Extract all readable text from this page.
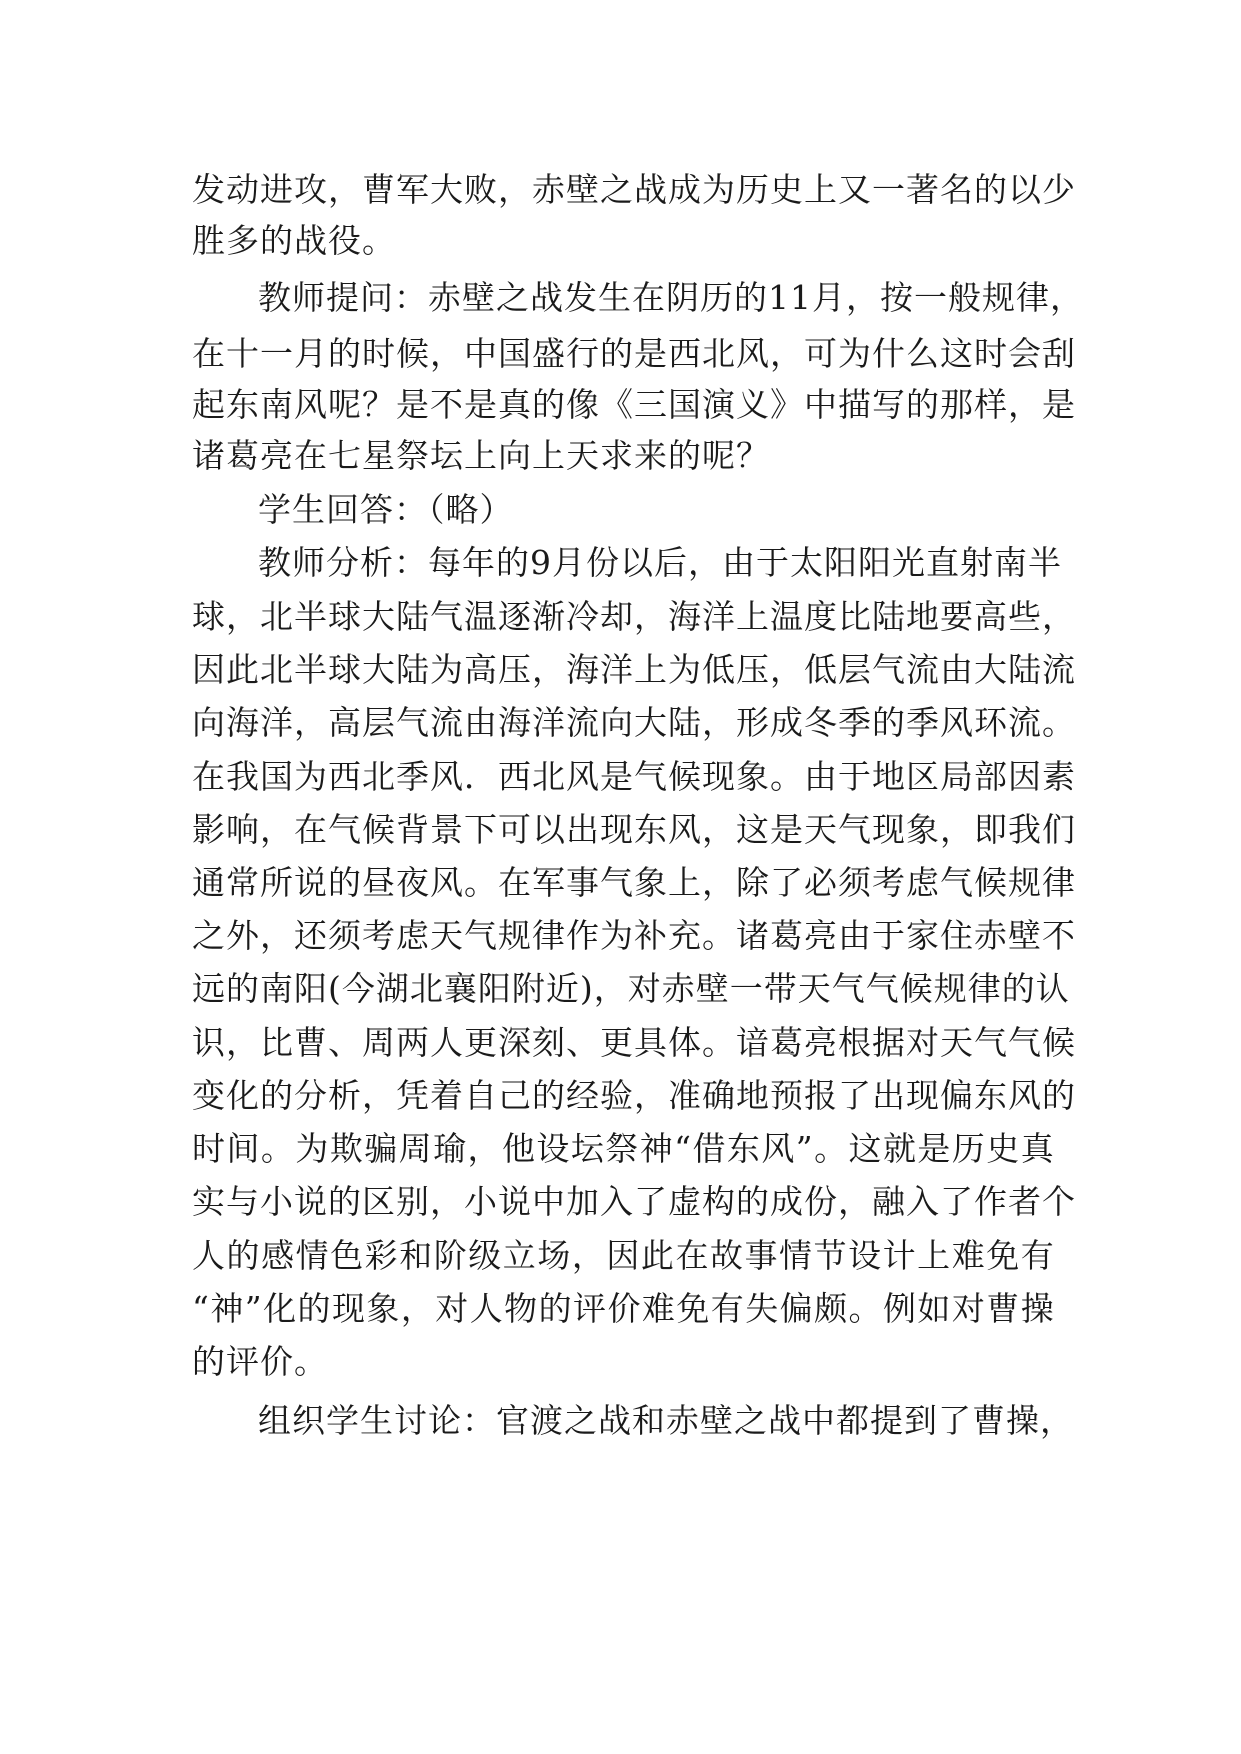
发 动 进 攻 ， 曹 军 大 败 ， 赤 壁 之 战 成 为 历 史 上 又 一 著 名 的 以 少
胜多的战役。
教 师 提 问 ： 赤 壁 之 战 发 生 在 阴 历 的 11 月 ， 按 一 般 规 律 ，
在 十 一 月 的 时 候 ， 中 国 盛 行 的 是 西 北 风 ， 可 为 什 么 这 时 会 刮
起 东 南 风 呢 ？ 是 不 是 真 的 像 《 三 国 演 义 》 中 描 写 的 那 样 ， 是
诸葛亮在七星祭坛上向上天求来的呢？
学生回答：（略）
教 师 分 析 ： 每 年 的 9 月 份 以 后 ， 由 于 太 阳 阳 光 直 射 南 半
球 ， 北 半 球 大 陆 气 温 逐 渐 冷 却 ， 海 洋 上 温 度 比 陆 地 要 高 些 ，
因 此 北 半 球 大 陆 为 高 压 ， 海 洋 上 为 低 压 ， 低 层 气 流 由 大 陆 流
向 海 洋 ， 高 层 气 流 由 海 洋 流 向 大 陆 ， 形 成 冬 季 的 季 风 环 流 。
在 我 国 为 西 北 季 风 ． 西 北 风 是 气 候 现 象 。 由 于 地 区 局 部 因 素
影 响 ， 在 气 候 背 景 下 可 以 出 现 东 风 ， 这 是 天 气 现 象 ， 即 我 们
通 常 所 说 的 昼 夜 风 。 在 军 事 气 象 上 ， 除 了 必 须 考 虑 气 候 规 律
之 外 ， 还 须 考 虑 天 气 规 律 作 为 补 充 。 诸 葛 亮 由 于 家 住 赤 壁 不
远 的 南 阳 ( 今 湖 北 襄 阳 附 近 ) ， 对 赤 壁 一 带 天 气 气 候 规 律 的 认
识 ， 比 曹 、 周 两 人 更 深 刻 、 更 具 体 。 谙 葛 亮 根 据 对 天 气 气 候
变 化 的 分 析 ， 凭 着 自 己 的 经 验 ， 准 确 地 预 报 了 出 现 偏 东 风 的
时 间 。 为 欺 骗 周 瑜 ， 他 设 坛 祭 神 “ 借 东 风 ” 。 这 就 是 历 史 真
实 与 小 说 的 区 别 ， 小 说 中 加 入 了 虚 构 的 成 份 ， 融 入 了 作 者 个
人 的 感 情 色 彩 和 阶 级 立 场 ， 因 此 在 故 事 情 节 设 计 上 难 免 有
“ 神 ” 化 的 现 象 ， 对 人 物 的 评 价 难 免 有 失 偏 颇 。 例 如 对 曹 操
的评价。
组 织 学 生 讨 论 ： 官 渡 之 战 和 赤 壁 之 战 中 都 提 到 了 曹 操 ，
